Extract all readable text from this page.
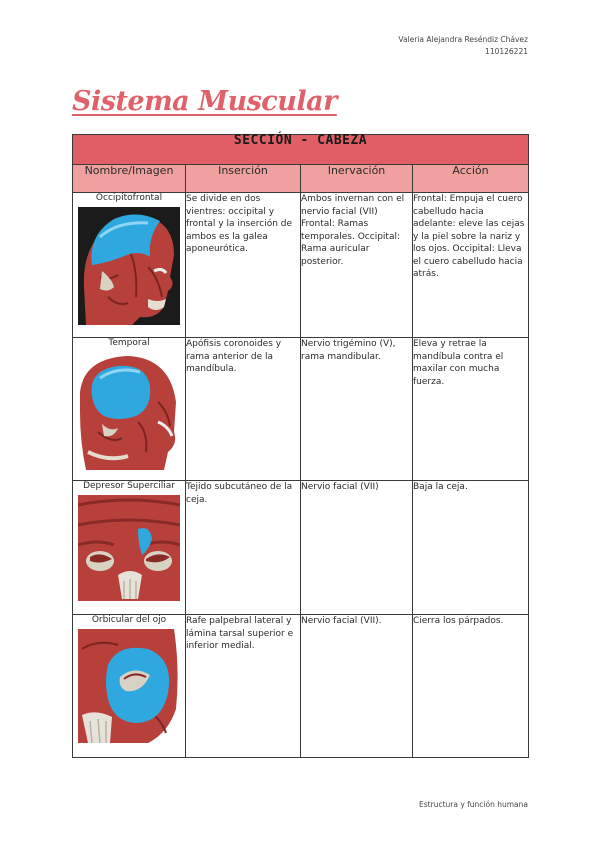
Valeria Alejandra Reséndiz Chávez
110126221
Sistema Muscular
SECCIÓN - CABEZA			
Nombre/Imagen	Inserción	Inervación	Acción

Occipitofrontal	Se divide en dos vientres: occipital y frontal y la inserción de ambos es la galea aponeurótica.	Ambos invernan con el nervio facial (VII) Frontal: Ramas temporales. Occipital: Rama auricular posterior.	Frontal: Empuja el cuero cabelludo hacia adelante: eleve las cejas y la piel sobre la nariz y los ojos. Occipital: Lleva el cuero cabelludo hacia atrás.

Temporal	Apófisis coronoides y rama anterior de la mandíbula.	Nervio trigémino (V), rama mandibular.	Eleva y retrae la mandíbula contra el maxilar con mucha fuerza.

Depresor Superciliar	Tejido subcutáneo de la ceja.	Nervio facial (VII)	Baja la ceja.

Orbicular del ojo	Rafe palpebral lateral y lámina tarsal superior e inferior medial.	Nervio facial (VII).	Cierra los párpados.
Estructura y función humana
